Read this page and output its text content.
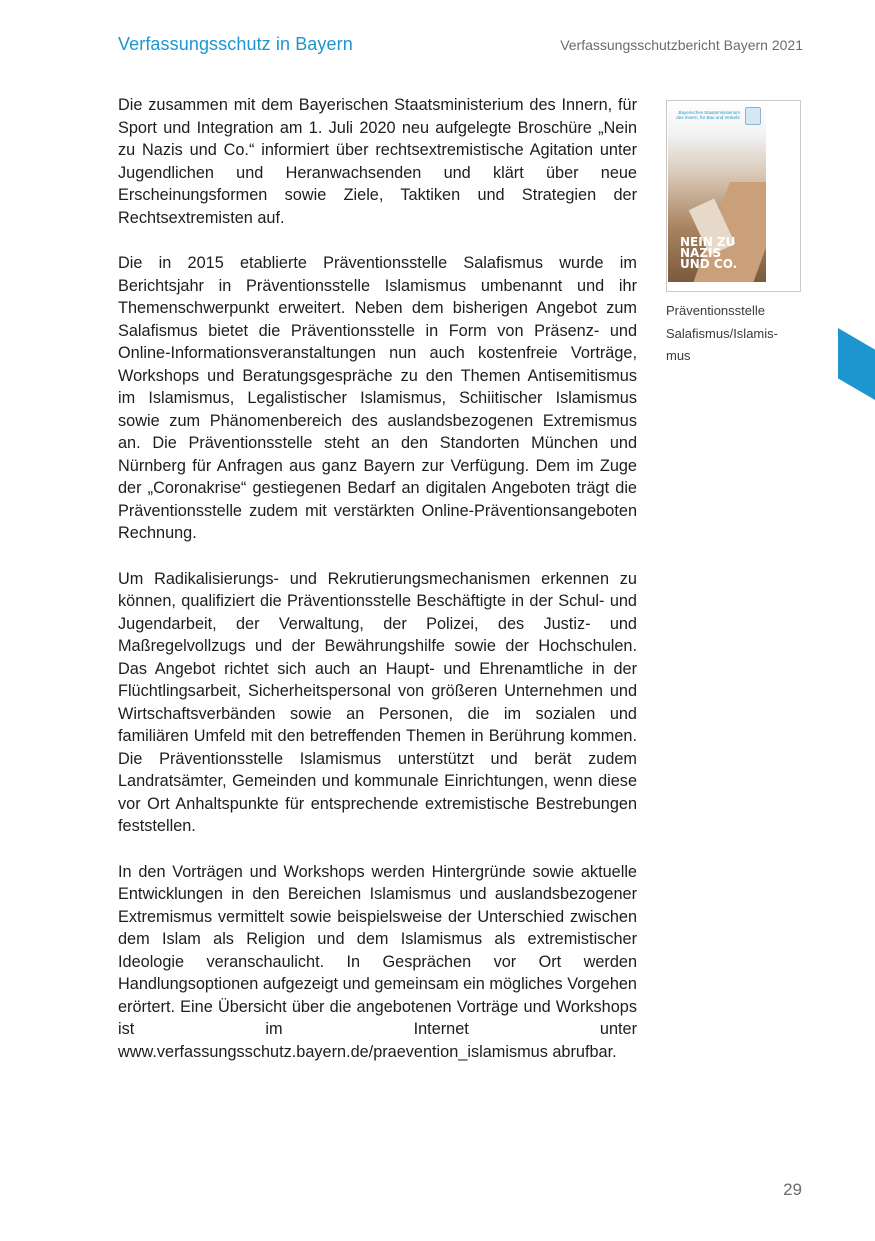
Verfassungsschutz in Bayern	Verfassungsschutzbericht Bayern 2021

Die zusammen mit dem Bayerischen Staatsministerium des Innern, für Sport und Integration am 1. Juli 2020 neu aufgelegte Broschüre „Nein zu Nazis und Co.“ informiert über rechtsextremistische Agitation unter Jugendlichen und Heranwachsenden und klärt über neue Erscheinungsformen sowie Ziele, Taktiken und Strategien der Rechtsextremisten auf.

Die in 2015 etablierte Präventionsstelle Salafismus wurde im Berichtsjahr in Präventionsstelle Islamismus umbenannt und ihr Themenschwerpunkt erweitert. Neben dem bisherigen Angebot zum Salafismus bietet die Präventionsstelle in Form von Präsenz- und Online-Informationsveranstaltungen nun auch kostenfreie Vorträge, Workshops und Beratungsgespräche zu den Themen Antisemitismus im Islamismus, Legalistischer Islamismus, Schiitischer Islamismus sowie zum Phänomenbereich des auslandsbezogenen Extremismus an. Die Präventionsstelle steht an den Standorten München und Nürnberg für Anfragen aus ganz Bayern zur Verfügung. Dem im Zuge der „Coronakrise“ gestiegenen Bedarf an digitalen Angeboten trägt die Präventionsstelle zudem mit verstärkten Online-Präventionsangeboten Rechnung.

Um Radikalisierungs- und Rekrutierungsmechanismen erkennen zu können, qualifiziert die Präventionsstelle Beschäftigte in der Schul- und Jugendarbeit, der Verwaltung, der Polizei, des Justiz- und Maßregelvollzugs und der Bewährungshilfe sowie der Hochschulen. Das Angebot richtet sich auch an Haupt- und Ehrenamtliche in der Flüchtlingsarbeit, Sicherheitspersonal von größeren Unternehmen und Wirtschaftsverbänden sowie an Personen, die im sozialen und familiären Umfeld mit den betreffenden Themen in Berührung kommen. Die Präventionsstelle Islamismus unterstützt und berät zudem Landratsämter, Gemeinden und kommunale Einrichtungen, wenn diese vor Ort Anhaltspunkte für entsprechende extremistische Bestrebungen feststellen.

In den Vorträgen und Workshops werden Hintergründe sowie aktuelle Entwicklungen in den Bereichen Islamismus und auslandsbezogener Extremismus vermittelt sowie beispielsweise der Unterschied zwischen dem Islam als Religion und dem Islamismus als extremistischer Ideologie veranschaulicht. In Gesprächen vor Ort werden Handlungsoptionen aufgezeigt und gemeinsam ein mögliches Vorgehen erörtert. Eine Übersicht über die angebotenen Vorträge und Workshops ist im Internet unter www.verfassungsschutz.bayern.de/praevention_islamismus abrufbar.

Bayerisches Staatsministerium des Innern, für Bau und Verkehr
NEIN ZU
NAZIS
UND CO.
Präventionsstelle
Salafismus/Islamis-
mus
29
